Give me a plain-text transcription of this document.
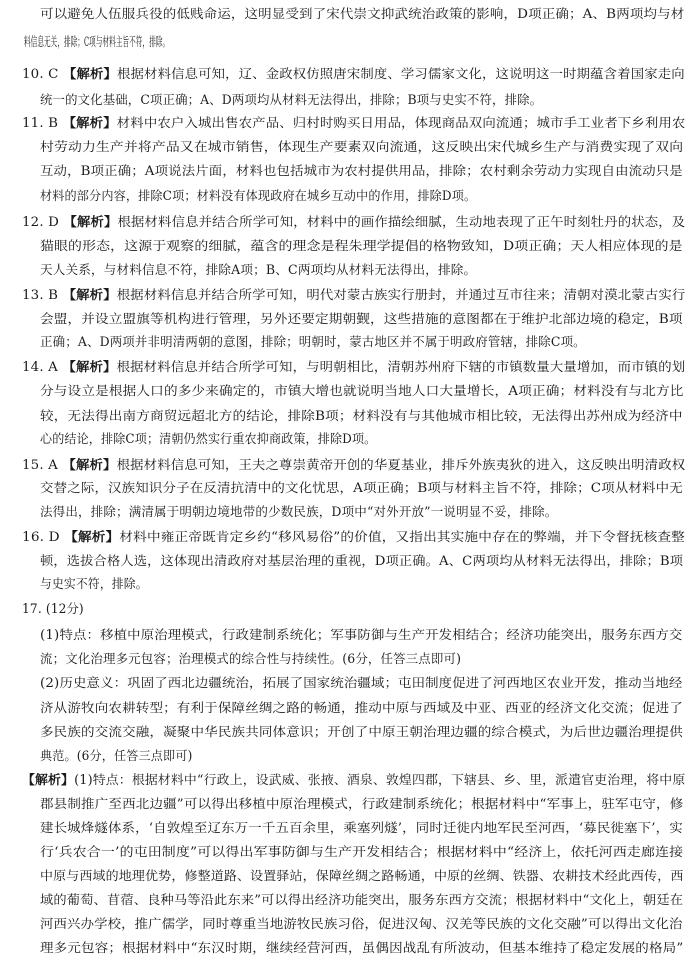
可以避免人伍服兵役的低贱命运，这明显受到了宋代崇文抑武统治政策的影响，D项正确；A、B两项均与材
料信息无关，排除；C项与材料主旨不符，排除。
10. C 【解析】根据材料信息可知，辽、金政权仿照唐宋制度、学习儒家文化，这说明这一时期蕴含着国家走向
统一的文化基础，C项正确；A、D两项均从材料无法得出，排除；B项与史实不符，排除。
11. B 【解析】材料中农户入城出售农产品、归村时购买日用品，体现商品双向流通；城市手工业者下乡利用农
村劳动力生产并将产品又在城市销售，体现生产要素双向流通，这反映出宋代城乡生产与消费实现了双向
互动，B项正确；A项说法片面，材料也包括城市为农村提供用品，排除；农村剩余劳动力实现自由流动只是
材料的部分内容，排除C项；材料没有体现政府在城乡互动中的作用，排除D项。
12. D 【解析】根据材料信息并结合所学可知，材料中的画作描绘细腻，生动地表现了正午时刻牡丹的状态，及
猫眼的形态，这源于观察的细腻，蕴含的理念是程朱理学提倡的格物致知，D项正确；天人相应体现的是
天人关系，与材料信息不符，排除A项；B、C两项均从材料无法得出，排除。
13. B 【解析】根据材料信息并结合所学可知，明代对蒙古族实行册封，并通过互市往来；清朝对漠北蒙古实行
会盟，并设立盟旗等机构进行管理，另外还要定期朝觐，这些措施的意图都在于维护北部边境的稳定，B项
正确；A、D两项并非明清两朝的意图，排除；明朝时，蒙古地区并不属于明政府管辖，排除C项。
14. A 【解析】根据材料信息并结合所学可知，与明朝相比，清朝苏州府下辖的市镇数量大量增加，而市镇的划
分与设立是根据人口的多少来确定的，市镇大增也就说明当地人口大量增长，A项正确；材料没有与北方比
较，无法得出南方商贸远超北方的结论，排除B项；材料没有与其他城市相比较，无法得出苏州成为经济中
心的结论，排除C项；清朝仍然实行重农抑商政策，排除D项。
15. A 【解析】根据材料信息可知，王夫之尊崇黄帝开创的华夏基业，排斥外族夷狄的进入，这反映出明清政权
交替之际，汉族知识分子在反清抗清中的文化忧思，A项正确；B项与材料主旨不符，排除；C项从材料中无
法得出，排除；满清属于明朝边境地带的少数民族，D项中“对外开放”一说明显不妥，排除。
16. D 【解析】材料中雍正帝既肯定乡约“移风易俗”的价值，又指出其实施中存在的弊端，并下令督抚核查整
顿，选拔合格人选，这体现出清政府对基层治理的重视，D项正确。A、C两项均从材料无法得出，排除；B项
与史实不符，排除。
17. (12分)
(1)特点：移植中原治理模式，行政建制系统化；军事防御与生产开发相结合；经济功能突出，服务东西方交
流；文化治理多元包容；治理模式的综合性与持续性。(6分，任答三点即可)
(2)历史意义：巩固了西北边疆统治，拓展了国家统治疆域；屯田制度促进了河西地区农业开发，推动当地经
济从游牧向农耕转型；有利于保障丝绸之路的畅通，推动中原与西域及中亚、西亚的经济文化交流；促进了
多民族的交流交融，凝聚中华民族共同体意识；开创了中原王朝治理边疆的综合模式，为后世边疆治理提供
典范。(6分，任答三点即可)
【解析】(1)特点：根据材料中“行政上，设武威、张掖、酒泉、敦煌四郡，下辖县、乡、里，派遣官吏治理，将中原
郡县制推广至西北边疆”可以得出移植中原治理模式，行政建制系统化；根据材料中“军事上，驻军屯守，修
建长城烽燧体系，‘自敦煌至辽东万一千五百余里，乘塞列燧’，同时迁徙内地军民至河西，‘募民徙塞下’，实
行‘兵农合一’的屯田制度”可以得出军事防御与生产开发相结合；根据材料中“经济上，依托河西走廊连接
中原与西域的地理优势，修整道路、设置驿站，保障丝绸之路畅通，中原的丝绸、铁器、农耕技术经此西传，西
域的葡萄、苜蓿、良种马等沿此东来”可以得出经济功能突出，服务东西方交流；根据材料中“文化上，朝廷在
河西兴办学校，推广儒学，同时尊重当地游牧民族习俗，促进汉匈、汉羌等民族的文化交融”可以得出文化治
理多元包容；根据材料中“东汉时期，继续经营河西，虽偶因战乱有所波动，但基本维持了稳定发展的格局”
